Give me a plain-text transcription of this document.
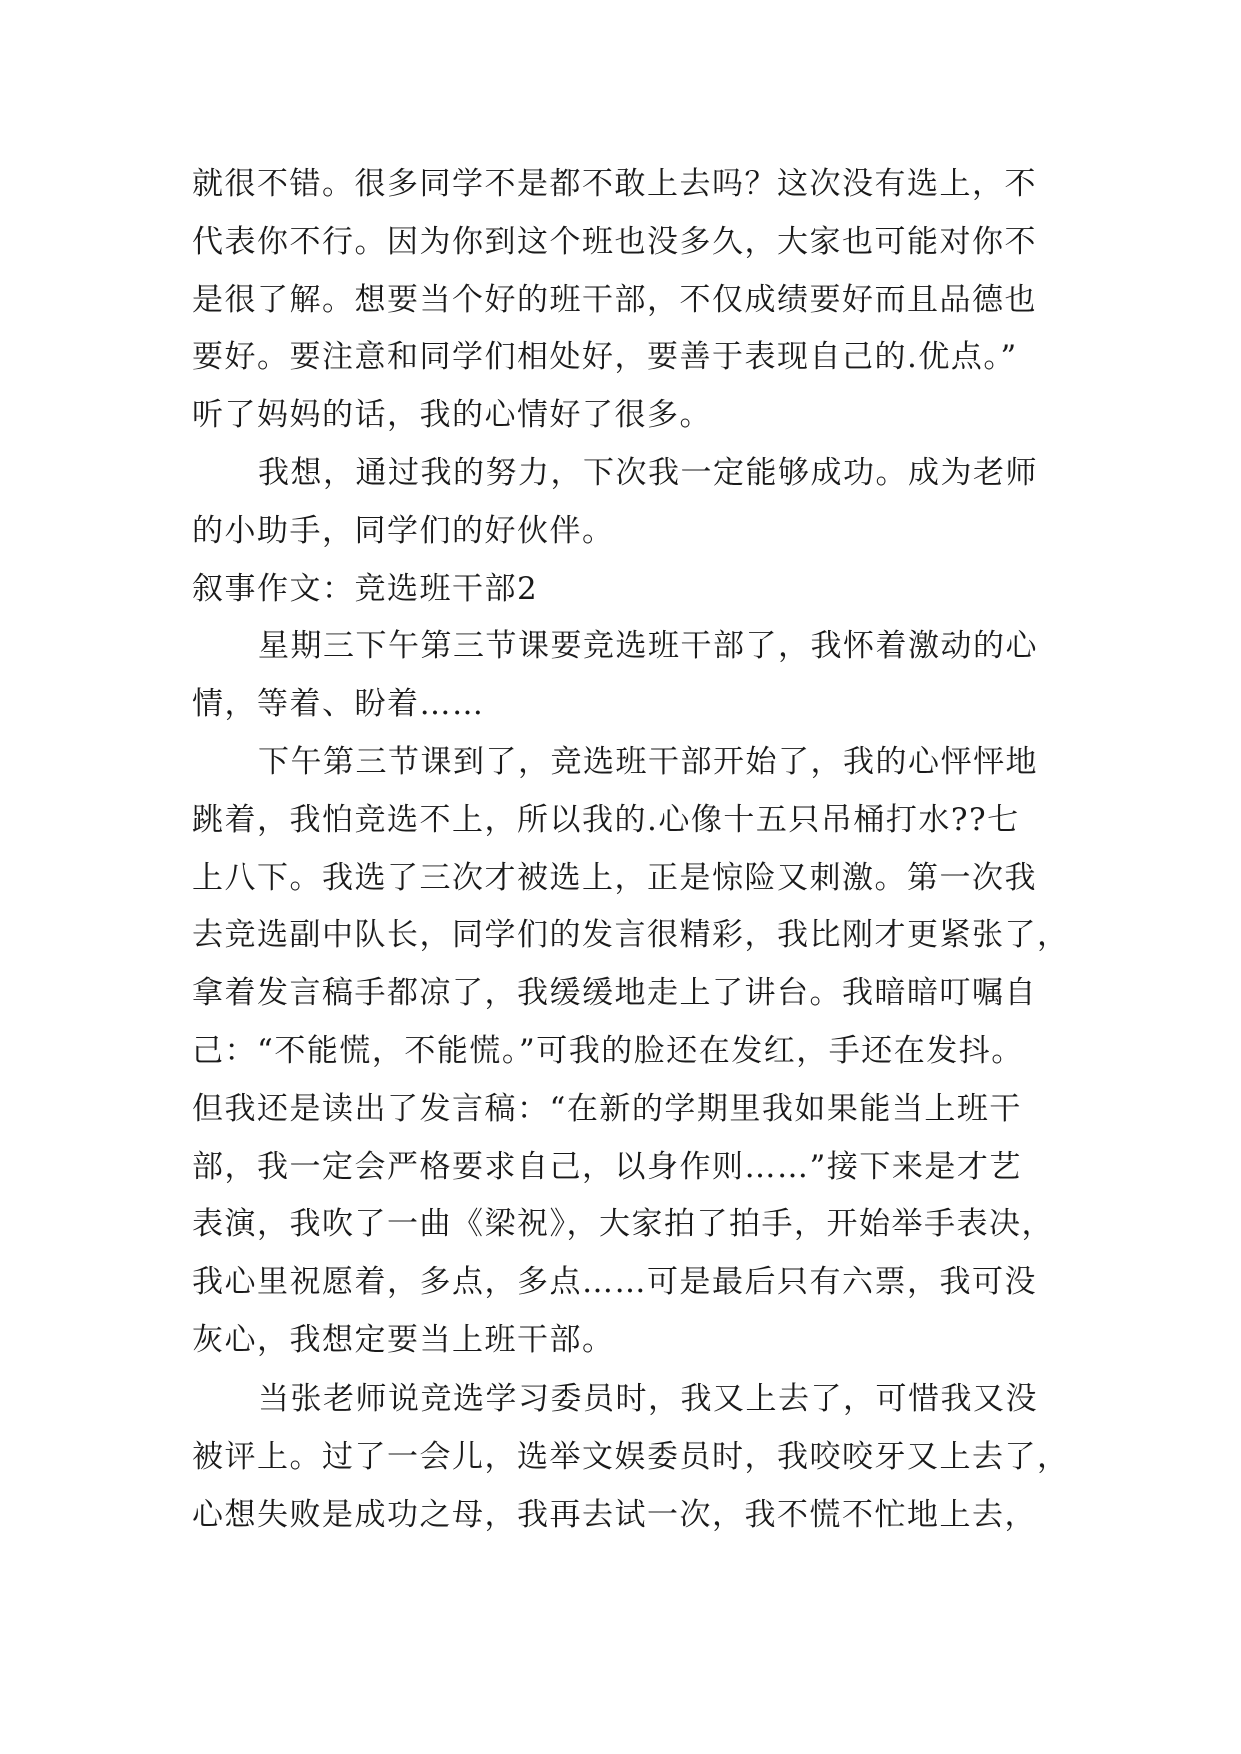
就很不错。很多同学不是都不敢上去吗？这次没有选上，不
代表你不行。因为你到这个班也没多久，大家也可能对你不
是很了解。想要当个好的班干部，不仅成绩要好而且品德也
要好。要注意和同学们相处好，要善于表现自己的.优点。”
听了妈妈的话，我的心情好了很多。
我想，通过我的努力，下次我一定能够成功。成为老师
的小助手，同学们的好伙伴。
叙事作文：竞选班干部2
星期三下午第三节课要竞选班干部了，我怀着激动的心
情，等着、盼着……
下午第三节课到了，竞选班干部开始了，我的心怦怦地
跳着，我怕竞选不上，所以我的.心像十五只吊桶打水??七
上八下。我选了三次才被选上，正是惊险又刺激。第一次我
去竞选副中队长，同学们的发言很精彩，我比刚才更紧张了，
拿着发言稿手都凉了，我缓缓地走上了讲台。我暗暗叮嘱自
己：“不能慌，不能慌。”可我的脸还在发红，手还在发抖。
但我还是读出了发言稿：“在新的学期里我如果能当上班干
部，我一定会严格要求自己，以身作则……”接下来是才艺
表演，我吹了一曲《梁祝》，大家拍了拍手，开始举手表决，
我心里祝愿着，多点，多点……可是最后只有六票，我可没
灰心，我想定要当上班干部。
当张老师说竞选学习委员时，我又上去了，可惜我又没
被评上。过了一会儿，选举文娱委员时，我咬咬牙又上去了，
心想失败是成功之母，我再去试一次，我不慌不忙地上去，
